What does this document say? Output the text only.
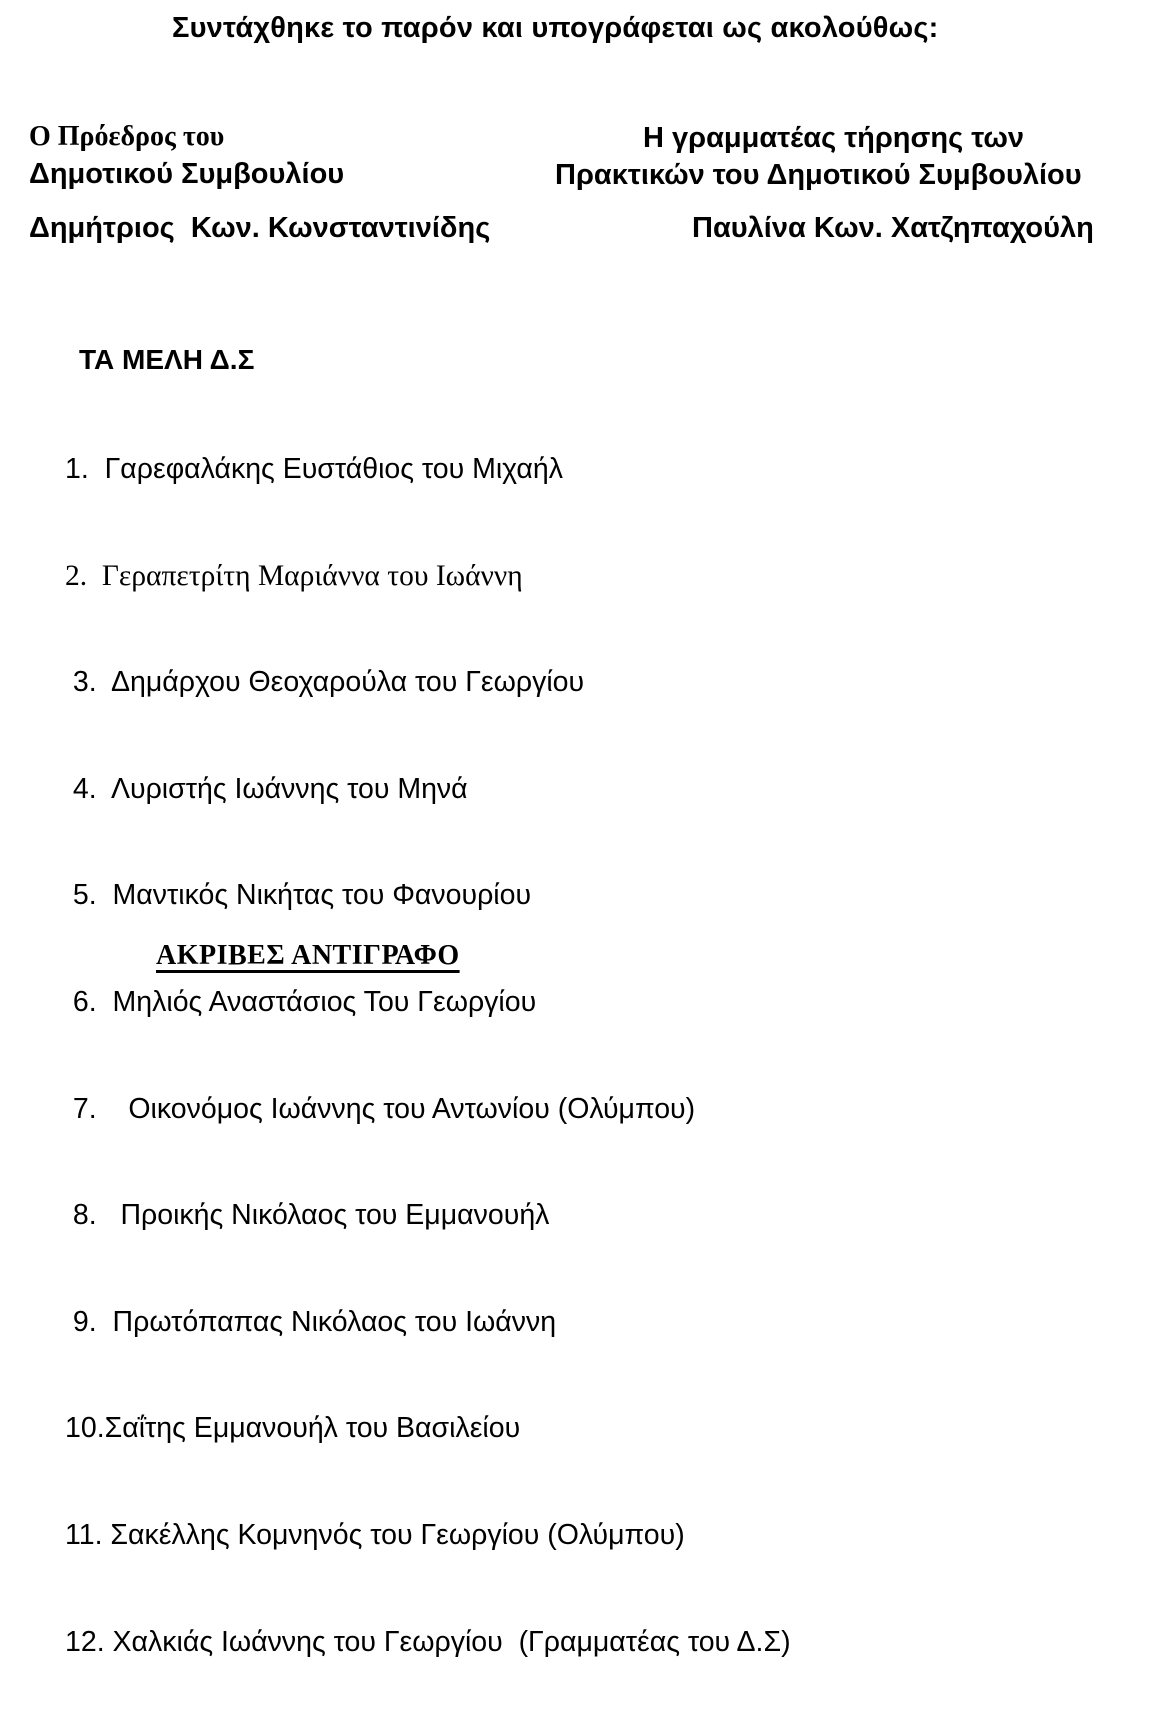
Συντάχθηκε το παρόν και υπογράφεται ως ακολούθως:
Ο Πρόεδρος του
Δημοτικού Συμβουλίου
Δημήτριος  Κων. Κωνσταντινίδης
Η γραμματέας τήρησης των
Πρακτικών του Δημοτικού Συμβουλίου
Παυλίνα Κων. Χατζηπαχούλη
ΤΑ ΜΕΛΗ Δ.Σ

1.  Γαρεφαλάκης Ευστάθιος του Μιχαήλ

2.  Γεραπετρίτη Μαριάννα του Ιωάννη

3.  Δημάρχου Θεοχαρούλα του Γεωργίου

4.  Λυριστής Ιωάννης του Μηνά

5.  Μαντικός Νικήτας του Φανουρίου

6.  Μηλιός Αναστάσιος Του Γεωργίου

7.    Οικονόμος Ιωάννης του Αντωνίου (Ολύμπου)

8.   Προικής Νικόλαος του Εμμανουήλ

9.  Πρωτόπαπας Νικόλαος του Ιωάννη

10.Σαΐτης Εμμανουήλ του Βασιλείου

11. Σακέλλης Κομνηνός του Γεωργίου (Ολύμπου)

12. Χαλκιάς Ιωάννης του Γεωργίου  (Γραμματέας του Δ.Σ)

ΑΚΡΙΒΕΣ ΑΝΤΙΓΡΑΦΟ
